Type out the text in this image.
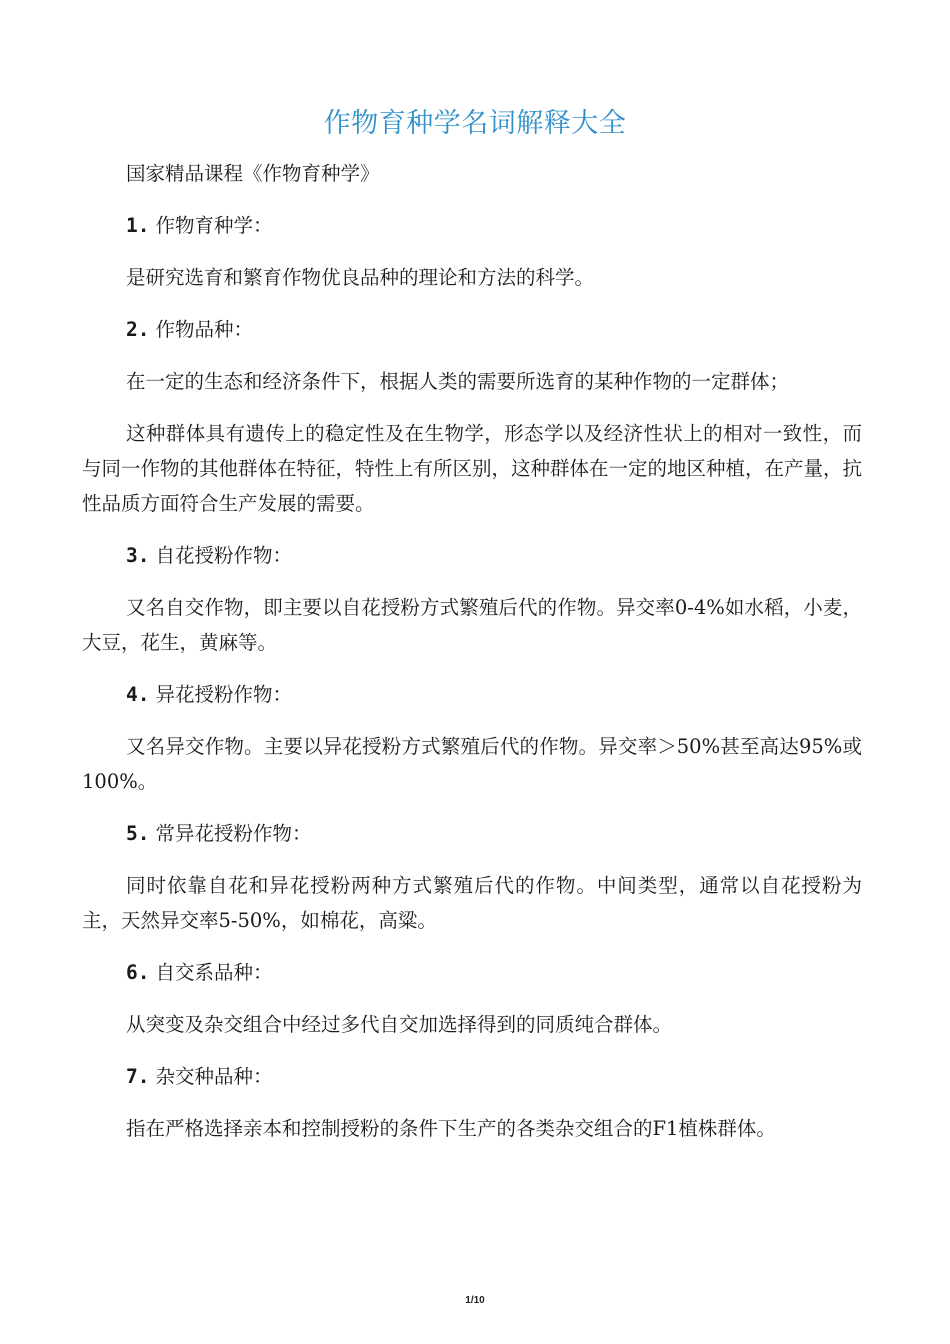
作物育种学名词解释大全

国家精品课程《作物育种学》

1. 作物育种学：

是研究选育和繁育作物优良品种的理论和方法的科学。

2. 作物品种：

在一定的生态和经济条件下，根据人类的需要所选育的某种作物的一定群体；

这种群体具有遗传上的稳定性及在生物学，形态学以及经济性状上的相对一致性，而与同一作物的其他群体在特征，特性上有所区别，这种群体在一定的地区种植，在产量，抗性品质方面符合生产发展的需要。

3. 自花授粉作物：

又名自交作物，即主要以自花授粉方式繁殖后代的作物。异交率0-4%如水稻，小麦，大豆，花生，黄麻等。

4. 异花授粉作物：

又名异交作物。主要以异花授粉方式繁殖后代的作物。异交率＞50%甚至高达95%或100%。

5. 常异花授粉作物：

同时依靠自花和异花授粉两种方式繁殖后代的作物。中间类型，通常以自花授粉为主，天然异交率5-50%，如棉花，高粱。

6. 自交系品种：

从突变及杂交组合中经过多代自交加选择得到的同质纯合群体。

7. 杂交种品种：

指在严格选择亲本和控制授粉的条件下生产的各类杂交组合的F1植株群体。

1/10
